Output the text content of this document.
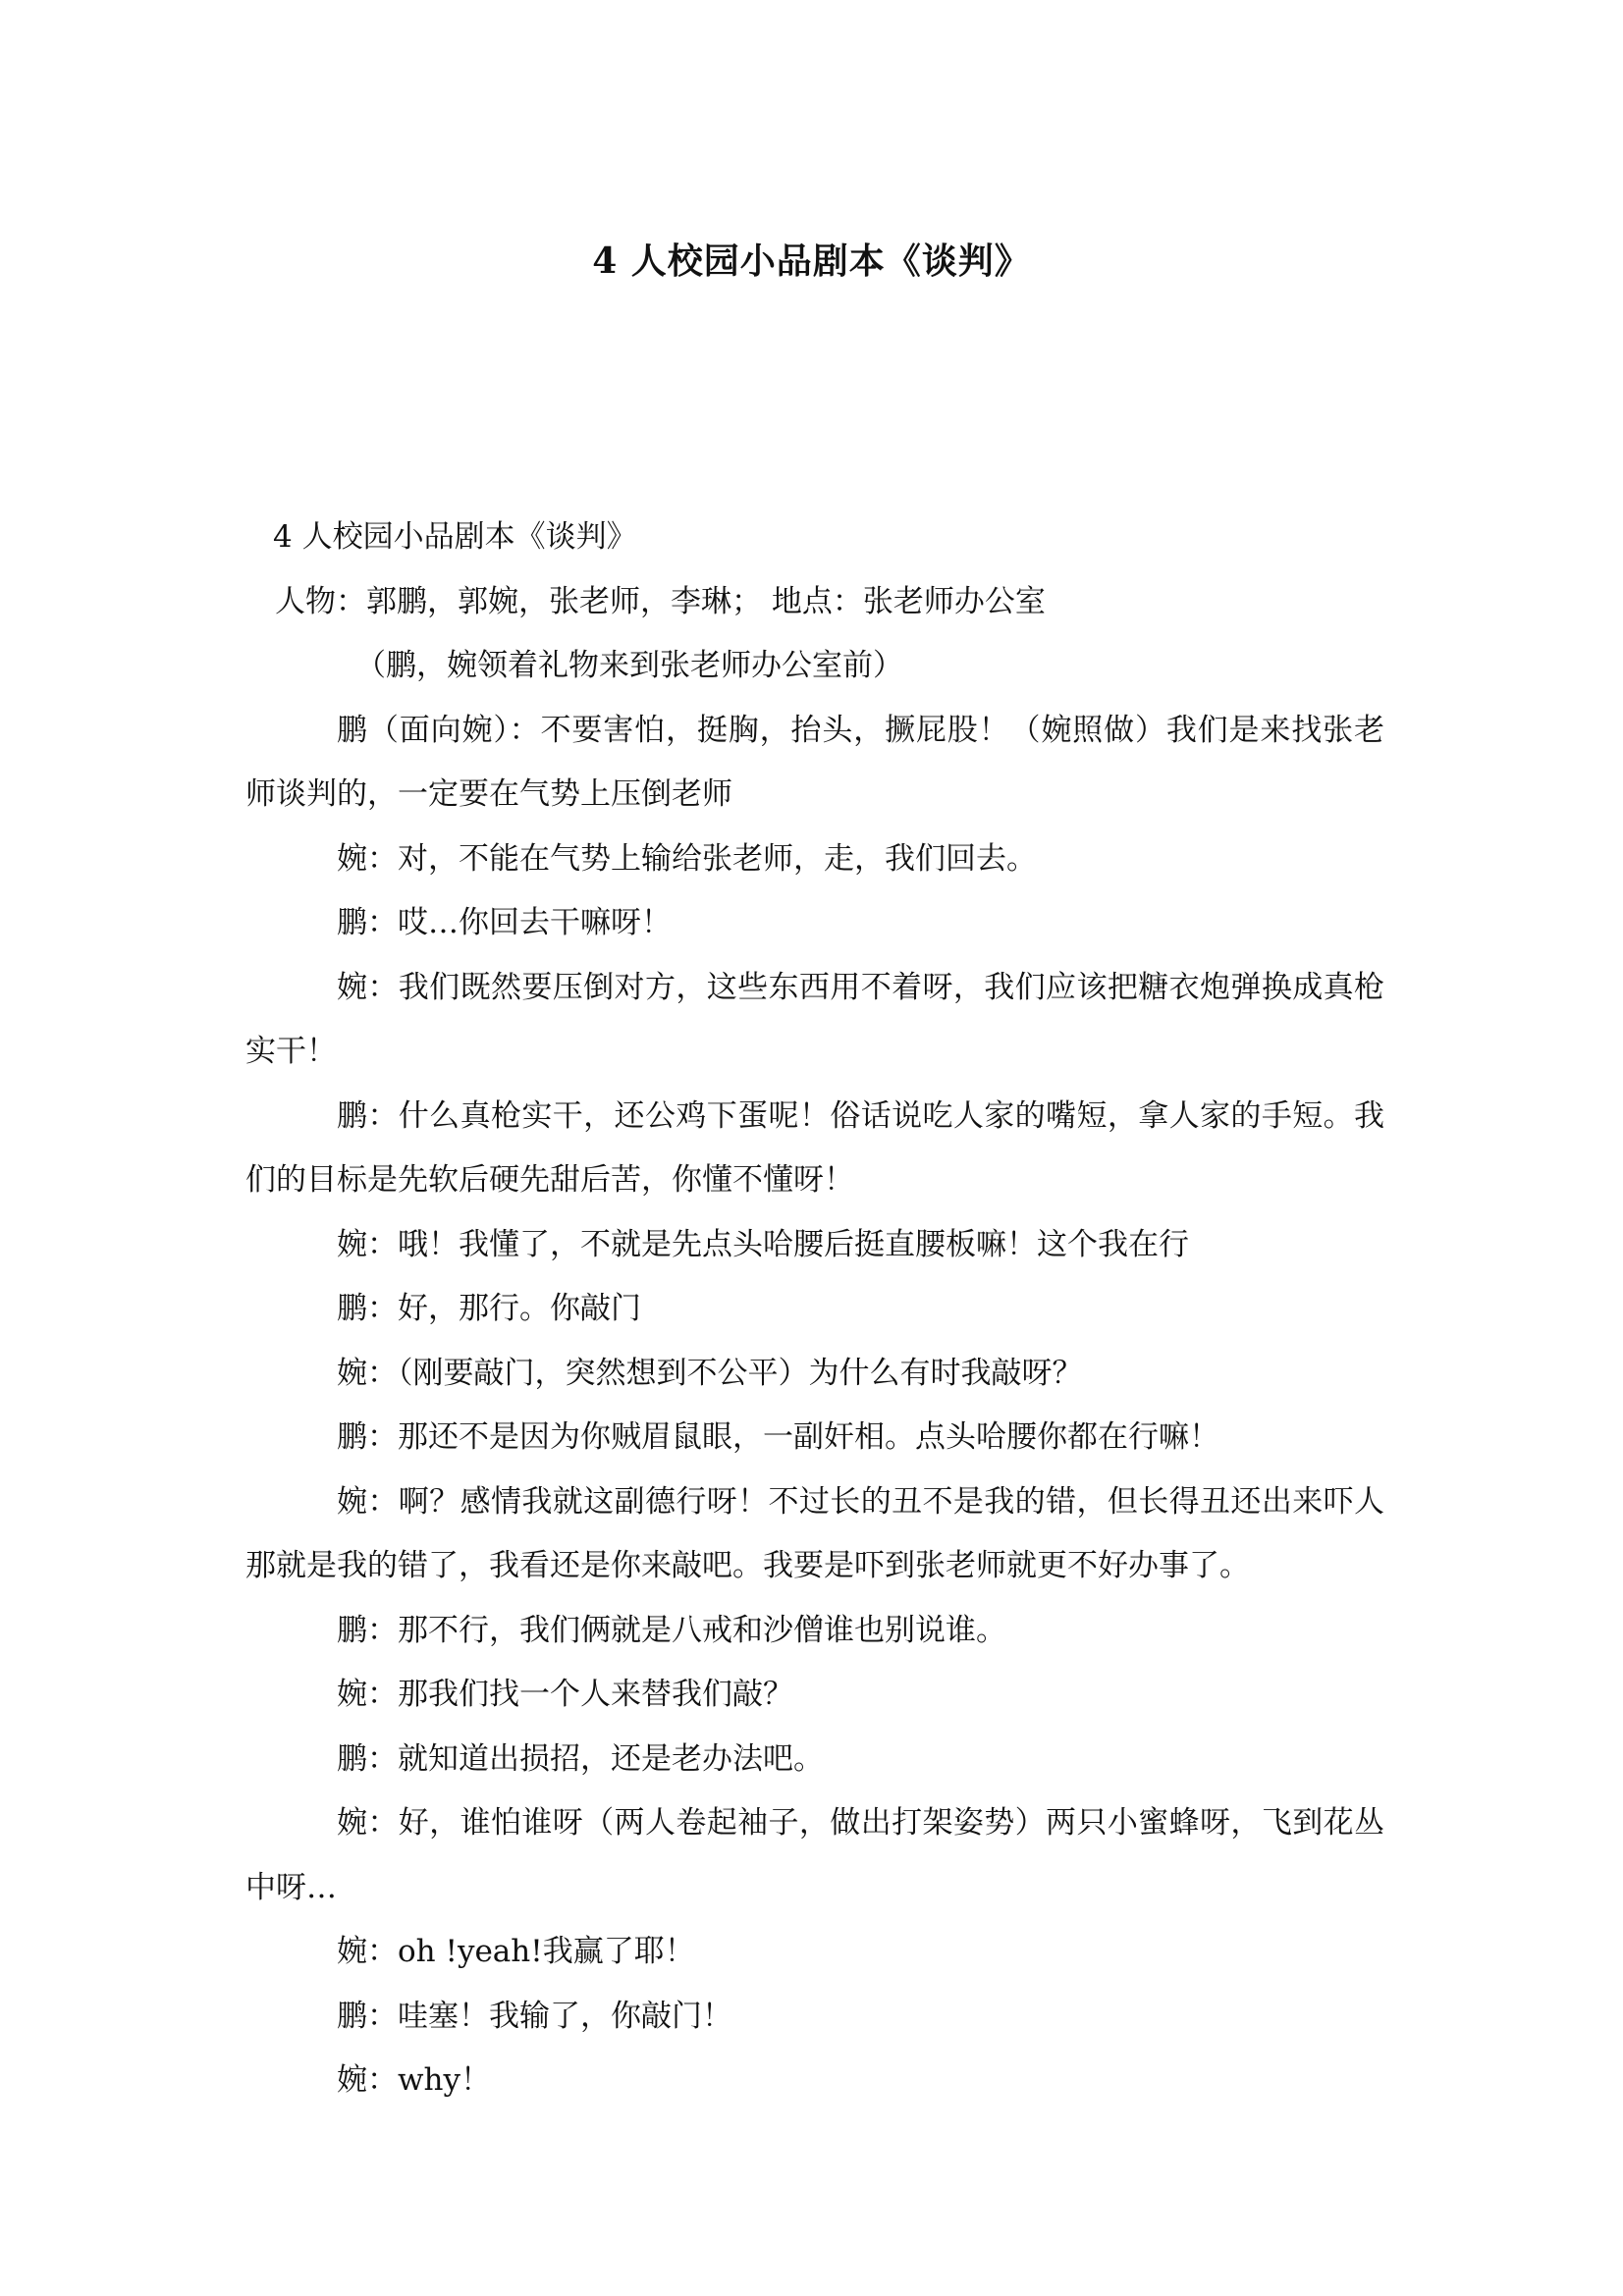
4 人校园小品剧本《谈判》

4 人校园小品剧本《谈判》

人物：郭鹏，郭婉，张老师，李琳； 地点：张老师办公室

（鹏，婉领着礼物来到张老师办公室前）

鹏（面向婉）：不要害怕，挺胸，抬头，撅屁股！（婉照做）我们是来找张老师谈判的，一定要在气势上压倒老师

婉：对，不能在气势上输给张老师，走，我们回去。

鹏：哎…你回去干嘛呀！

婉：我们既然要压倒对方，这些东西用不着呀，我们应该把糖衣炮弹换成真枪实干！

鹏：什么真枪实干，还公鸡下蛋呢！俗话说吃人家的嘴短，拿人家的手短。我们的目标是先软后硬先甜后苦，你懂不懂呀！

婉：哦！我懂了，不就是先点头哈腰后挺直腰板嘛！这个我在行

鹏：好，那行。你敲门

婉：（刚要敲门，突然想到不公平）为什么有时我敲呀？

鹏：那还不是因为你贼眉鼠眼，一副奸相。点头哈腰你都在行嘛！

婉：啊？感情我就这副德行呀！不过长的丑不是我的错，但长得丑还出来吓人那就是我的错了，我看还是你来敲吧。我要是吓到张老师就更不好办事了。

鹏：那不行，我们俩就是八戒和沙僧谁也别说谁。

婉：那我们找一个人来替我们敲？

鹏：就知道出损招，还是老办法吧。

婉：好，谁怕谁呀（两人卷起袖子，做出打架姿势）两只小蜜蜂呀，飞到花丛中呀…

婉：oh !yeah!我赢了耶！

鹏：哇塞！我输了，你敲门！

婉：why！
